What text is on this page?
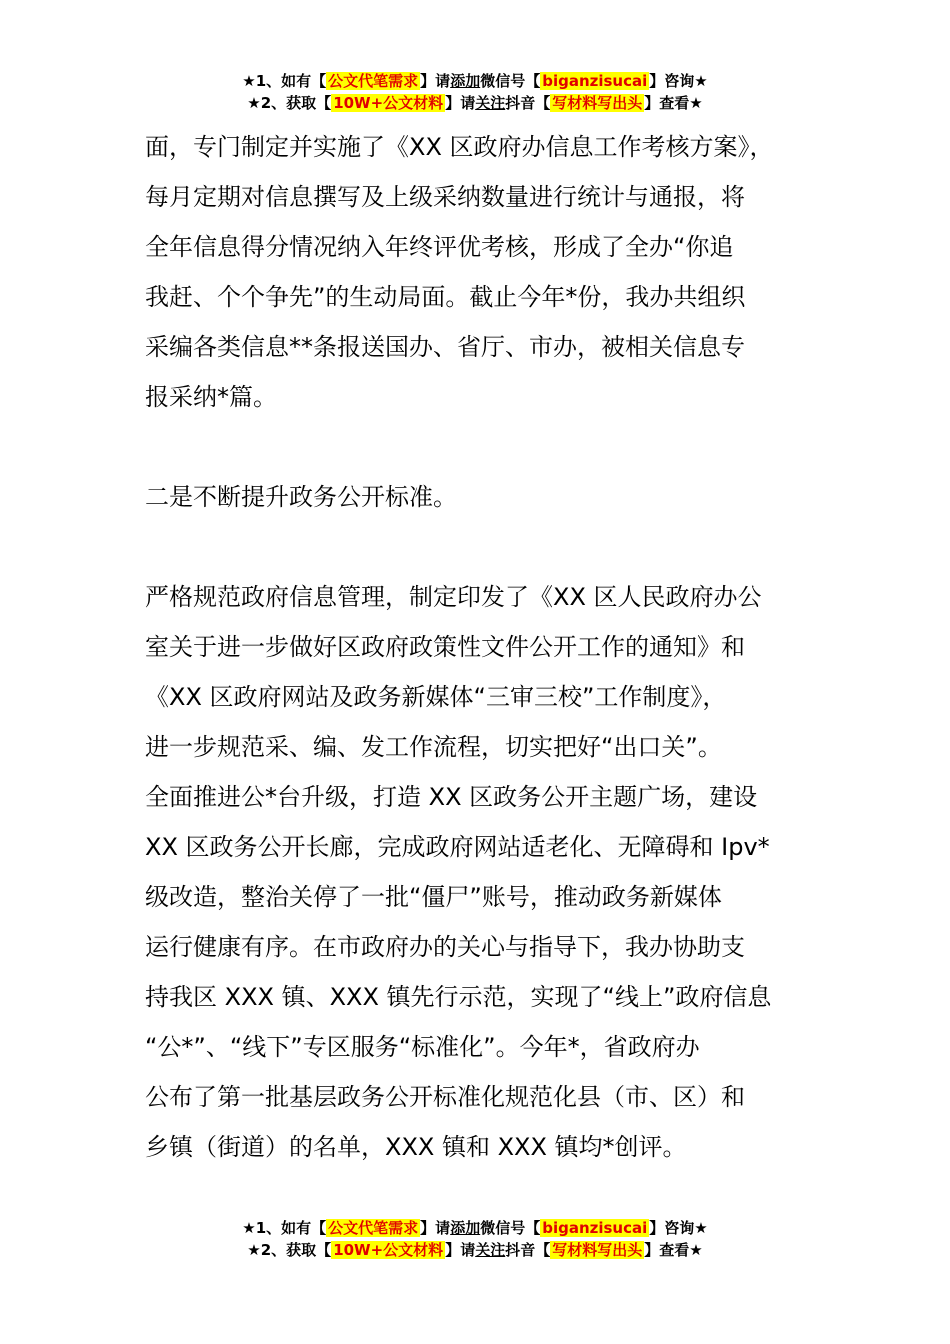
★1、如有【 公文代笔需求 】请添加微信号【 biganzisucai 】咨询★
★2、获取【 10W+公文材料 】请关注抖音【 写材料写出头 】查看★

面，专门制定并实施了《XX 区政府办信息工作考核方案》，

每月定期对信息撰写及上级采纳数量进行统计与通报，将

全年信息得分情况纳入年终评优考核，形成了全办“你追

我赶、个个争先”的生动局面。截止今年*份，我办共组织

采编各类信息**条报送国办、省厅、市办，被相关信息专

报采纳*篇。

二是不断提升政务公开标准。

严格规范政府信息管理，制定印发了《XX 区人民政府办公

室关于进一步做好区政府政策性文件公开工作的通知》和

《XX 区政府网站及政务新媒体“三审三校”工作制度》，

进一步规范采、编、发工作流程，切实把好“出口关”。

全面推进公*台升级，打造 XX 区政务公开主题广场，建设

XX 区政务公开长廊，完成政府网站适老化、无障碍和 Ipv*

级改造，整治关停了一批“僵尸”账号，推动政务新媒体

运行健康有序。在市政府办的关心与指导下，我办协助支

持我区 XXX 镇、XXX 镇先行示范，实现了“线上”政府信息

“公*”、“线下”专区服务“标准化”。今年*，省政府办

公布了第一批基层政务公开标准化规范化县（市、区）和

乡镇（街道）的名单，XXX 镇和 XXX 镇均*创评。

★1、如有【 公文代笔需求 】请添加微信号【 biganzisucai 】咨询★
★2、获取【 10W+公文材料 】请关注抖音【 写材料写出头 】查看★
